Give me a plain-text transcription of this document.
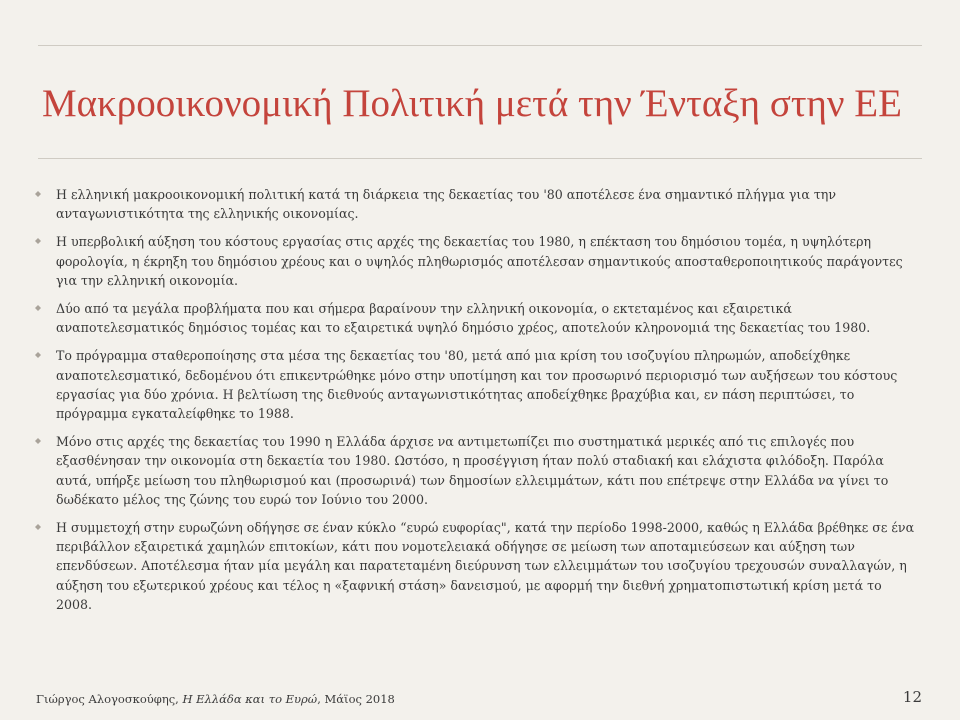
Μακροοικονομική Πολιτική μετά την Ένταξη στην ΕΕ
Η ελληνική μακροοικονομική πολιτική κατά τη διάρκεια της δεκαετίας του '80 αποτέλεσε ένα σημαντικό πλήγμα για την ανταγωνιστικότητα της ελληνικής οικονομίας.
Η υπερβολική αύξηση του κόστους εργασίας στις αρχές της δεκαετίας του 1980, η επέκταση του δημόσιου τομέα, η υψηλότερη φορολογία, η έκρηξη του δημόσιου χρέους και ο υψηλός πληθωρισμός αποτέλεσαν σημαντικούς αποσταθεροποιητικούς παράγοντες για την ελληνική οικονομία.
Δύο από τα μεγάλα προβλήματα που και σήμερα βαραίνουν την ελληνική οικονομία, ο εκτεταμένος και εξαιρετικά αναποτελεσματικός δημόσιος τομέας και το εξαιρετικά υψηλό δημόσιο χρέος, αποτελούν κληρονομιά της δεκαετίας του 1980.
Το πρόγραμμα σταθεροποίησης στα μέσα της δεκαετίας του '80, μετά από μια κρίση του ισοζυγίου πληρωμών, αποδείχθηκε αναποτελεσματικό, δεδομένου ότι επικεντρώθηκε μόνο στην υποτίμηση και τον προσωρινό περιορισμό των αυξήσεων του κόστους εργασίας για δύο χρόνια. Η βελτίωση της διεθνούς ανταγωνιστικότητας αποδείχθηκε βραχύβια και, εν πάση περιπτώσει, το πρόγραμμα εγκαταλείφθηκε το 1988.
Μόνο στις αρχές της δεκαετίας του 1990 η Ελλάδα άρχισε να αντιμετωπίζει πιο συστηματικά μερικές από τις επιλογές που εξασθένησαν την οικονομία στη δεκαετία του 1980. Ωστόσο, η προσέγγιση ήταν πολύ σταδιακή και ελάχιστα φιλόδοξη. Παρόλα αυτά, υπήρξε μείωση του πληθωρισμού και (προσωρινά) των δημοσίων ελλειμμάτων, κάτι που επέτρεψε στην Ελλάδα να γίνει το δωδέκατο μέλος της ζώνης του ευρώ τον Ιούνιο του 2000.
Η συμμετοχή στην ευρωζώνη οδήγησε σε έναν κύκλο “ευρώ ευφορίας", κατά την περίοδο 1998-2000, καθώς η Ελλάδα βρέθηκε σε ένα περιβάλλον εξαιρετικά χαμηλών επιτοκίων, κάτι που νομοτελειακά οδήγησε σε μείωση των αποταμιεύσεων και αύξηση των επενδύσεων. Αποτέλεσμα ήταν μία μεγάλη και παρατεταμένη διεύρυνση των ελλειμμάτων του ισοζυγίου τρεχουσών συναλλαγών, η αύξηση του εξωτερικού χρέους και τέλος η «ξαφνική στάση» δανεισμού, με αφορμή την διεθνή χρηματοπιστωτική κρίση μετά το 2008.
Γιώργος Αλογοσκούφης, Η Ελλάδα και το Ευρώ, Μάϊος 2018	12
